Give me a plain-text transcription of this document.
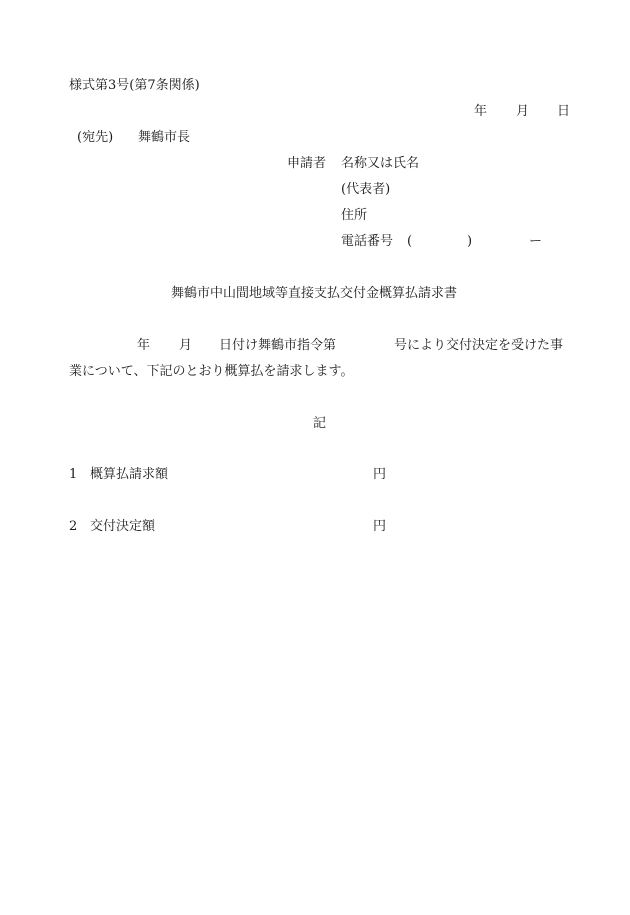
様式第3号(第7条関係)
年 月 日
(宛先) 舞鶴市長
申請者 名称又は氏名
(代表者)
住所
電話番号 (	)	ー
舞鶴市中山間地域等直接支払交付金概算払請求書
年 月 日付け舞鶴市指令第	号により交付決定を受けた事
業について、下記のとおり概算払を請求します。
記
1 概算払請求額	円
2 交付決定額	円
